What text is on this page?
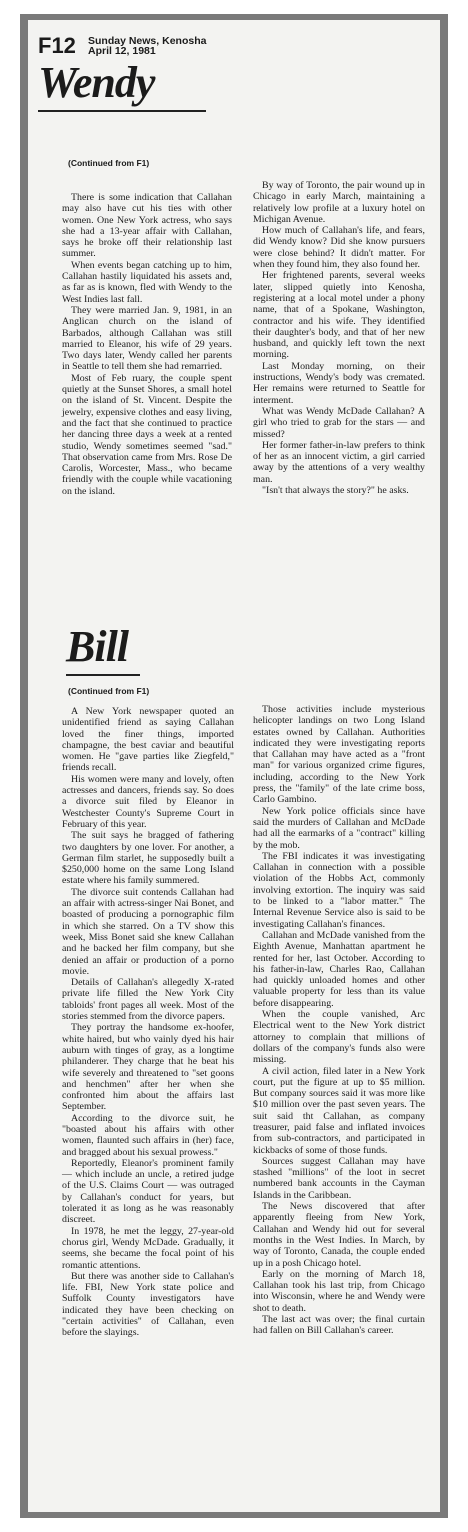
F12 Sunday News, Kenosha
April 12, 1981
Wendy
(Continued from F1)

There is some indication that Callahan may also have cut his ties with other women. One New York actress, who says she had a 13-year affair with Callahan, says he broke off their relationship last summer.

When events began catching up to him, Callahan hastily liquidated his assets and, as far as is known, fled with Wendy to the West Indies last fall.

They were married Jan. 9, 1981, in an Anglican church on the island of Barbados, although Callahan was still married to Eleanor, his wife of 29 years. Two days later, Wendy called her parents in Seattle to tell them she had remarried.

Most of Feb ruary, the couple spent quietly at the Sunset Shores, a small hotel on the island of St. Vincent. Despite the jewelry, expensive clothes and easy living, and the fact that she continued to practice her dancing three days a week at a rented studio, Wendy sometimes seemed "sad." That observation came from Mrs. Rose De Carolis, Worcester, Mass., who became friendly with the couple while vacationing on the island.

By way of Toronto, the pair wound up in Chicago in early March, maintaining a relatively low profile at a luxury hotel on Michigan Avenue.

How much of Callahan's life, and fears, did Wendy know? Did she know pursuers were close behind? It didn't matter. For when they found him, they also found her.

Her frightened parents, several weeks later, slipped quietly into Kenosha, registering at a local motel under a phony name, that of a Spokane, Washington, contractor and his wife. They identified their daughter's body, and that of her new husband, and quickly left town the next morning.

Last Monday morning, on their instructions, Wendy's body was cremated. Her remains were returned to Seattle for interment.

What was Wendy McDade Callahan? A girl who tried to grab for the stars — and missed?

Her former father-in-law prefers to think of her as an innocent victim, a girl carried away by the attentions of a very wealthy man.

"Isn't that always the story?" he asks.

Bill
(Continued from F1)

A New York newspaper quoted an unidentified friend as saying Callahan loved the finer things, imported champagne, the best caviar and beautiful women. He "gave parties like Ziegfeld," friends recall.

His women were many and lovely, often actresses and dancers, friends say. So does a divorce suit filed by Eleanor in Westchester County's Supreme Court in February of this year.

The suit says he bragged of fathering two daughters by one lover. For another, a German film starlet, he supposedly built a $250,000 home on the same Long Island estate where his family summered.

The divorce suit contends Callahan had an affair with actress-singer Nai Bonet, and boasted of producing a pornographic film in which she starred. On a TV show this week, Miss Bonet said she knew Callahan and he backed her film company, but she denied an affair or production of a porno movie.

Details of Callahan's allegedly X-rated private life filled the New York City tabloids' front pages all week. Most of the stories stemmed from the divorce papers.

They portray the handsome ex-hoofer, white haired, but who vainly dyed his hair auburn with tinges of gray, as a longtime philanderer. They charge that he beat his wife severely and threatened to "set goons and henchmen" after her when she confronted him about the affairs last September.

According to the divorce suit, he "boasted about his affairs with other women, flaunted such affairs in (her) face, and bragged about his sexual prowess."

Reportedly, Eleanor's prominent family — which include an uncle, a retired judge of the U.S. Claims Court — was outraged by Callahan's conduct for years, but tolerated it as long as he was reasonably discreet.

In 1978, he met the leggy, 27-year-old chorus girl, Wendy McDade. Gradually, it seems, she became the focal point of his romantic attentions.

But there was another side to Callahan's life. FBI, New York state police and Suffolk County investigators have indicated they have been checking on "certain activities" of Callahan, even before the slayings.

Those activities include mysterious helicopter landings on two Long Island estates owned by Callahan. Authorities indicated they were investigating reports that Callahan may have acted as a "front man" for various organized crime figures, including, according to the New York press, the "family" of the late crime boss, Carlo Gambino.

New York police officials since have said the murders of Callahan and McDade had all the earmarks of a "contract" killing by the mob.

The FBI indicates it was investigating Callahan in connection with a possible violation of the Hobbs Act, commonly involving extortion. The inquiry was said to be linked to a "labor matter." The Internal Revenue Service also is said to be investigating Callahan's finances.

Callahan and McDade vanished from the Eighth Avenue, Manhattan apartment he rented for her, last October. According to his father-in-law, Charles Rao, Callahan had quickly unloaded homes and other valuable property for less than its value before disappearing.

When the couple vanished, Arc Electrical went to the New York district attorney to complain that millions of dollars of the company's funds also were missing.

A civil action, filed later in a New York court, put the figure at up to $5 million. But company sources said it was more like $10 million over the past seven years. The suit said tht Callahan, as company treasurer, paid false and inflated invoices from sub-contractors, and participated in kickbacks of some of those funds.

Sources suggest Callahan may have stashed "millions" of the loot in secret numbered bank accounts in the Cayman Islands in the Caribbean.

The News discovered that after apparently fleeing from New York, Callahan and Wendy hid out for several months in the West Indies. In March, by way of Toronto, Canada, the couple ended up in a posh Chicago hotel.

Early on the morning of March 18, Callahan took his last trip, from Chicago into Wisconsin, where he and Wendy were shot to death.

The last act was over; the final curtain had fallen on Bill Callahan's career.
